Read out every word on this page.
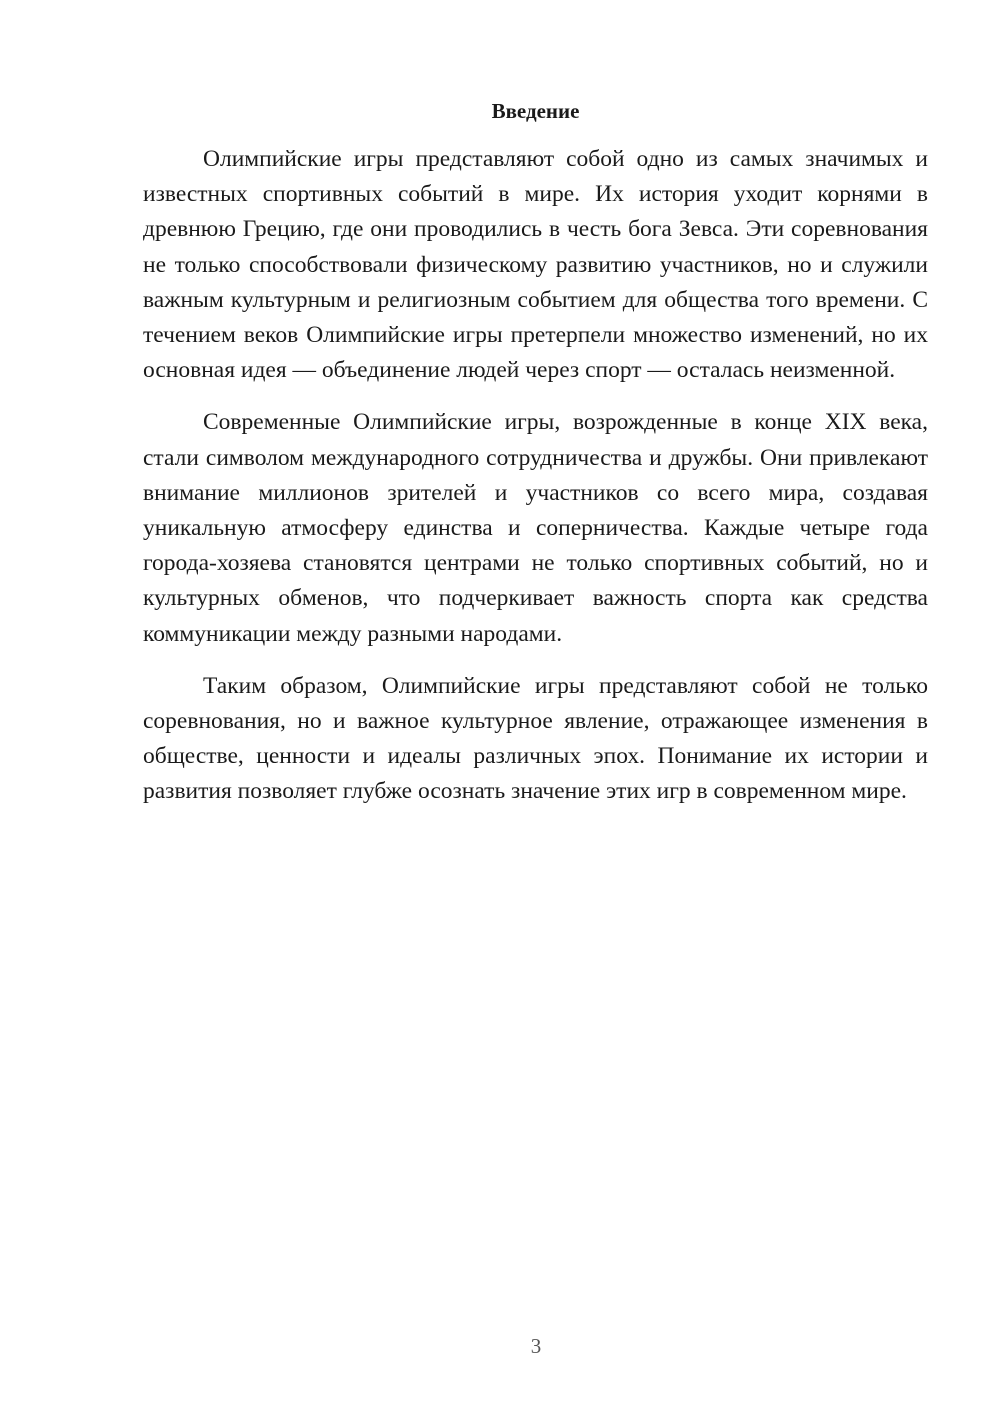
Введение

Олимпийские игры представляют собой одно из самых значимых и известных спортивных событий в мире. Их история уходит корнями в древнюю Грецию, где они проводились в честь бога Зевса. Эти соревнования не только способствовали физическому развитию участников, но и служили важным культурным и религиозным событием для общества того времени. С течением веков Олимпийские игры претерпели множество изменений, но их основная идея — объединение людей через спорт — осталась неизменной.

Современные Олимпийские игры, возрожденные в конце XIX века, стали символом международного сотрудничества и дружбы. Они привлекают внимание миллионов зрителей и участников со всего мира, создавая уникальную атмосферу единства и соперничества. Каждые четыре года города-хозяева становятся центрами не только спортивных событий, но и культурных обменов, что подчеркивает важность спорта как средства коммуникации между разными народами.

Таким образом, Олимпийские игры представляют собой не только соревнования, но и важное культурное явление, отражающее изменения в обществе, ценности и идеалы различных эпох. Понимание их истории и развития позволяет глубже осознать значение этих игр в современном мире.

3
